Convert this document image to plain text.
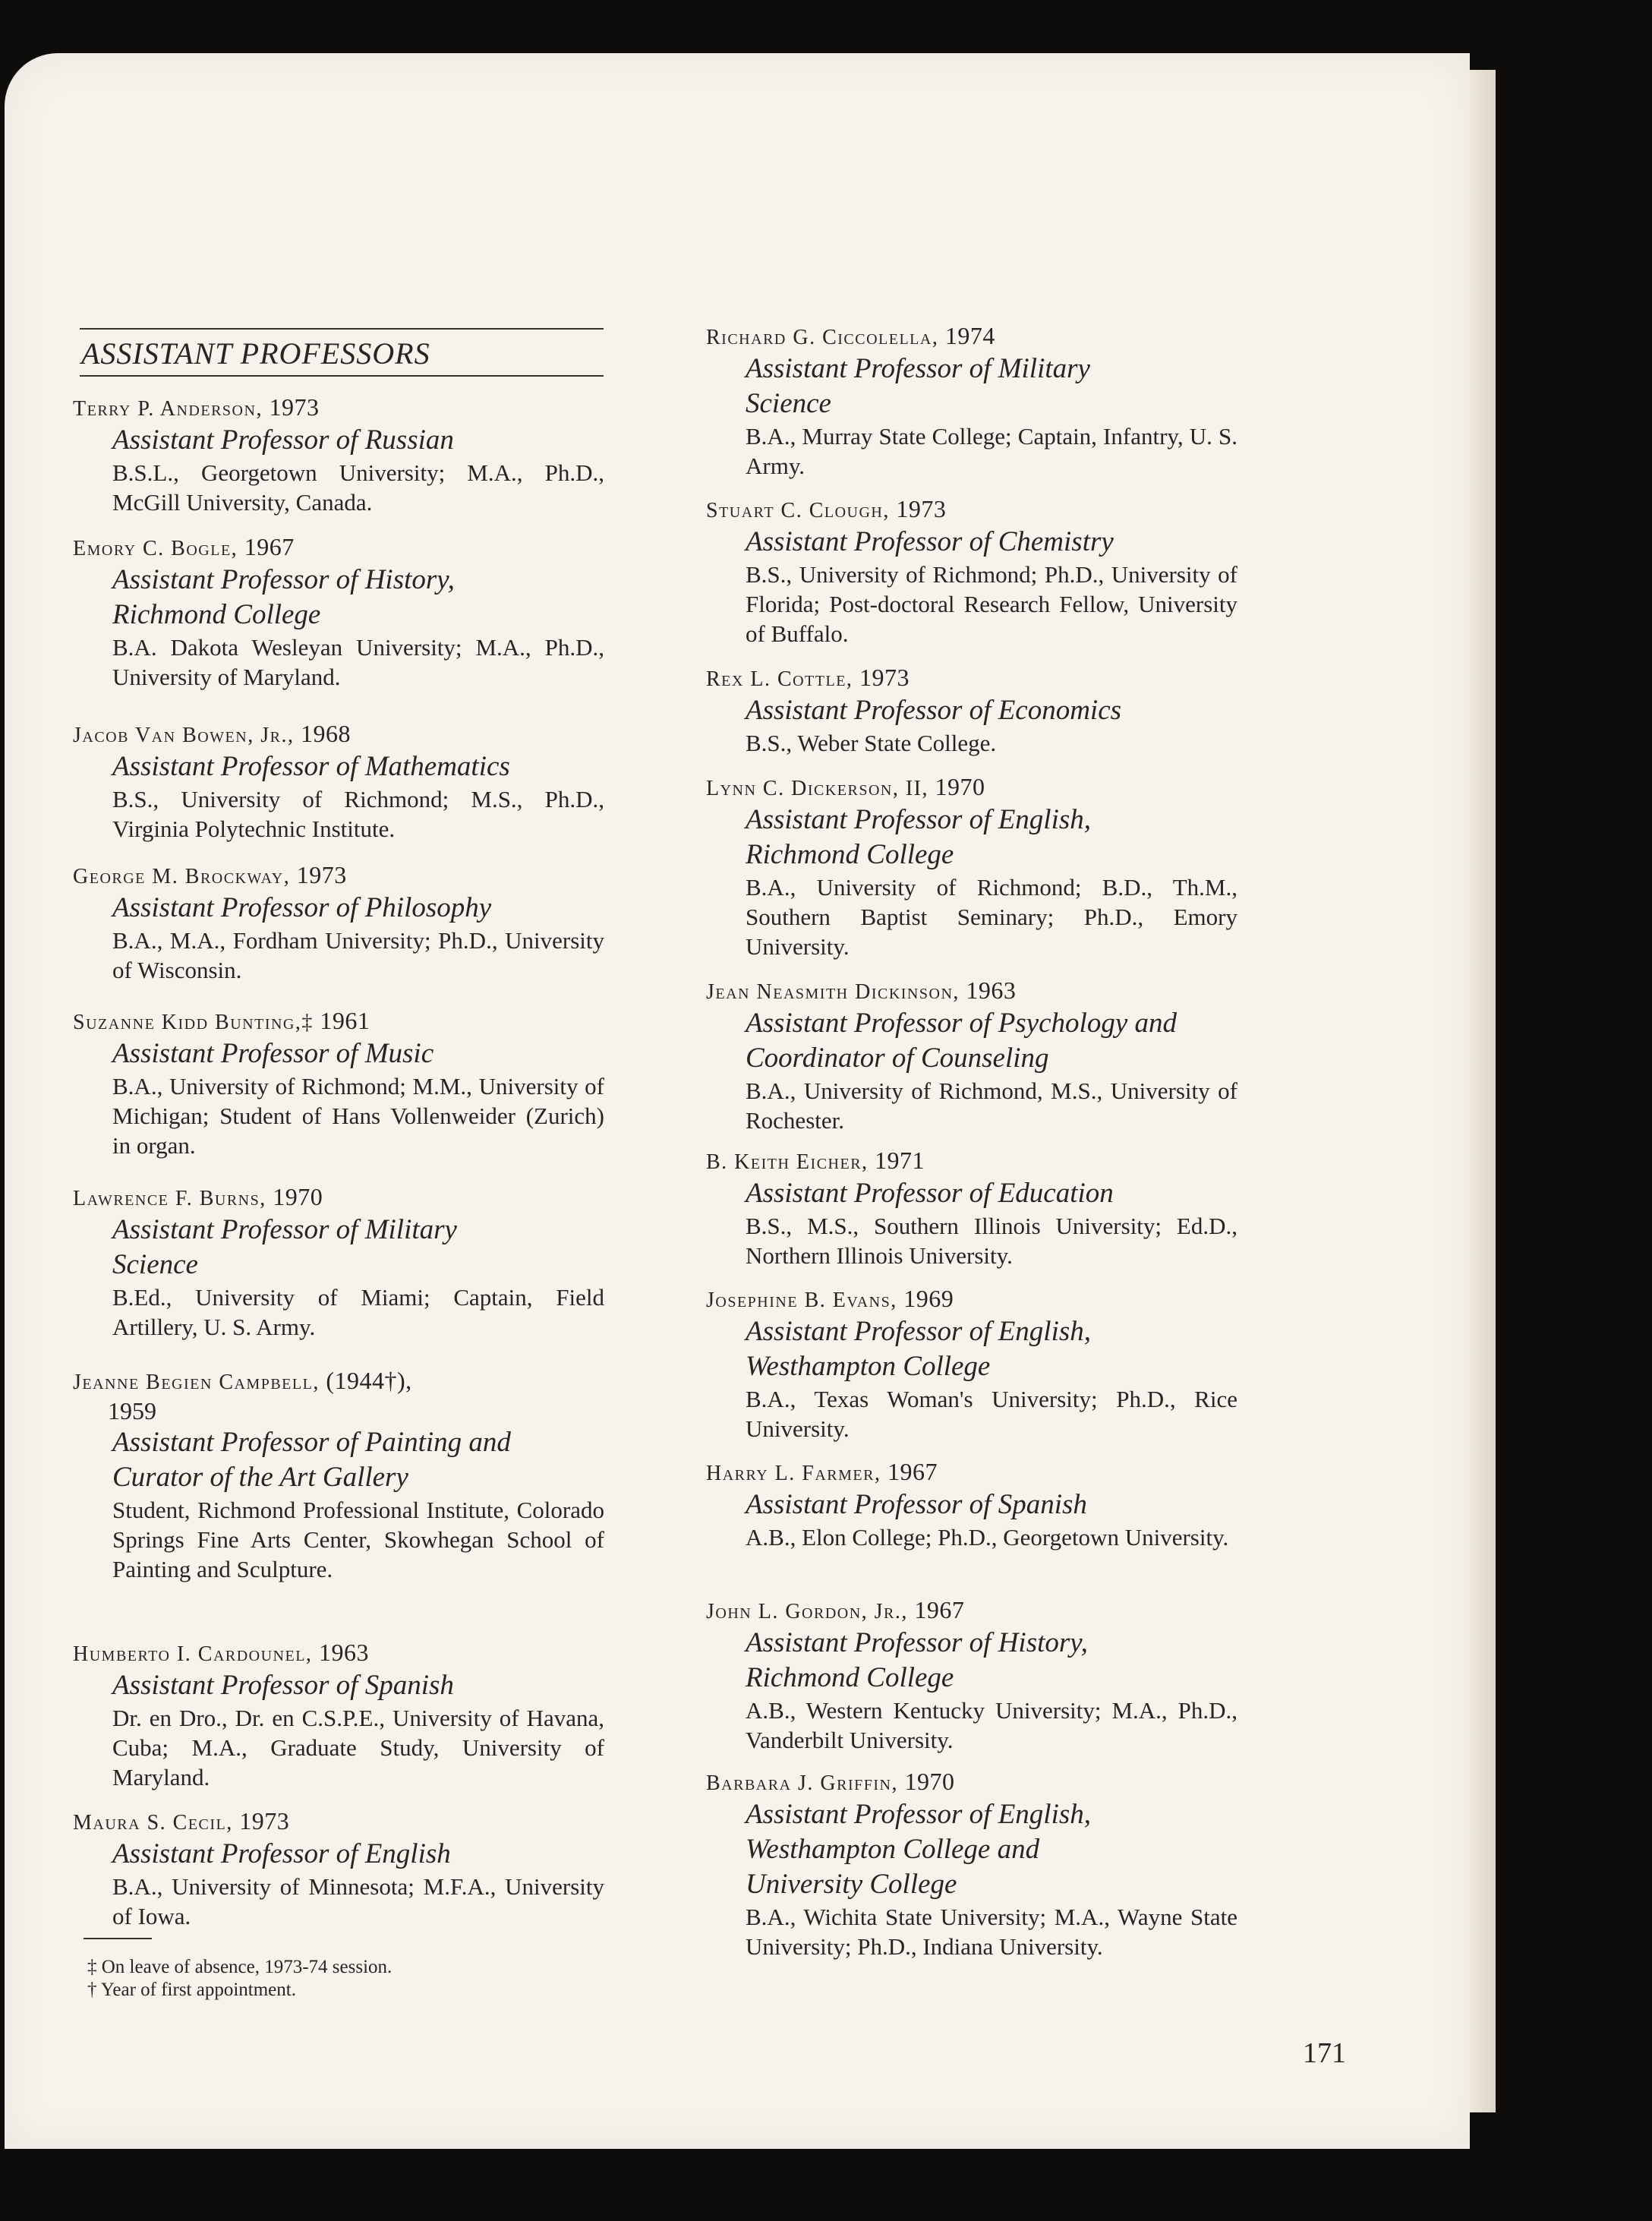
ASSISTANT PROFESSORS
Terry P. Anderson, 1973
Assistant Professor of Russian
B.S.L., Georgetown University; M.A., Ph.D., McGill University, Canada.
Emory C. Bogle, 1967
Assistant Professor of History, Richmond College
B.A. Dakota Wesleyan University; M.A., Ph.D., University of Maryland.
Jacob Van Bowen, Jr., 1968
Assistant Professor of Mathematics
B.S., University of Richmond; M.S., Ph.D., Virginia Polytechnic Institute.
George M. Brockway, 1973
Assistant Professor of Philosophy
B.A., M.A., Fordham University; Ph.D., University of Wisconsin.
Suzanne Kidd Bunting,‡ 1961
Assistant Professor of Music
B.A., University of Richmond; M.M., University of Michigan; Student of Hans Vollenweider (Zurich) in organ.
Lawrence F. Burns, 1970
Assistant Professor of Military Science
B.Ed., University of Miami; Captain, Field Artillery, U. S. Army.
Jeanne Begien Campbell, (1944†),
1959
Assistant Professor of Painting and Curator of the Art Gallery
Student, Richmond Professional Institute, Colorado Springs Fine Arts Center, Skowhegan School of Painting and Sculpture.
Humberto I. Cardounel, 1963
Assistant Professor of Spanish
Dr. en Dro., Dr. en C.S.P.E., University of Havana, Cuba; M.A., Graduate Study, University of Maryland.
Maura S. Cecil, 1973
Assistant Professor of English
B.A., University of Minnesota; M.F.A., University of Iowa.
‡ On leave of absence, 1973-74 session.
† Year of first appointment.
Richard G. Ciccolella, 1974
Assistant Professor of Military Science
B.A., Murray State College; Captain, Infantry, U. S. Army.
Stuart C. Clough, 1973
Assistant Professor of Chemistry
B.S., University of Richmond; Ph.D., University of Florida; Post-doctoral Research Fellow, University of Buffalo.
Rex L. Cottle, 1973
Assistant Professor of Economics
B.S., Weber State College.
Lynn C. Dickerson, II, 1970
Assistant Professor of English, Richmond College
B.A., University of Richmond; B.D., Th.M., Southern Baptist Seminary; Ph.D., Emory University.
Jean Neasmith Dickinson, 1963
Assistant Professor of Psychology and Coordinator of Counseling
B.A., University of Richmond, M.S., University of Rochester.
B. Keith Eicher, 1971
Assistant Professor of Education
B.S., M.S., Southern Illinois University; Ed.D., Northern Illinois University.
Josephine B. Evans, 1969
Assistant Professor of English, Westhampton College
B.A., Texas Woman's University; Ph.D., Rice University.
Harry L. Farmer, 1967
Assistant Professor of Spanish
A.B., Elon College; Ph.D., Georgetown University.
John L. Gordon, Jr., 1967
Assistant Professor of History, Richmond College
A.B., Western Kentucky University; M.A., Ph.D., Vanderbilt University.
Barbara J. Griffin, 1970
Assistant Professor of English, Westhampton College and University College
B.A., Wichita State University; M.A., Wayne State University; Ph.D., Indiana University.
171
